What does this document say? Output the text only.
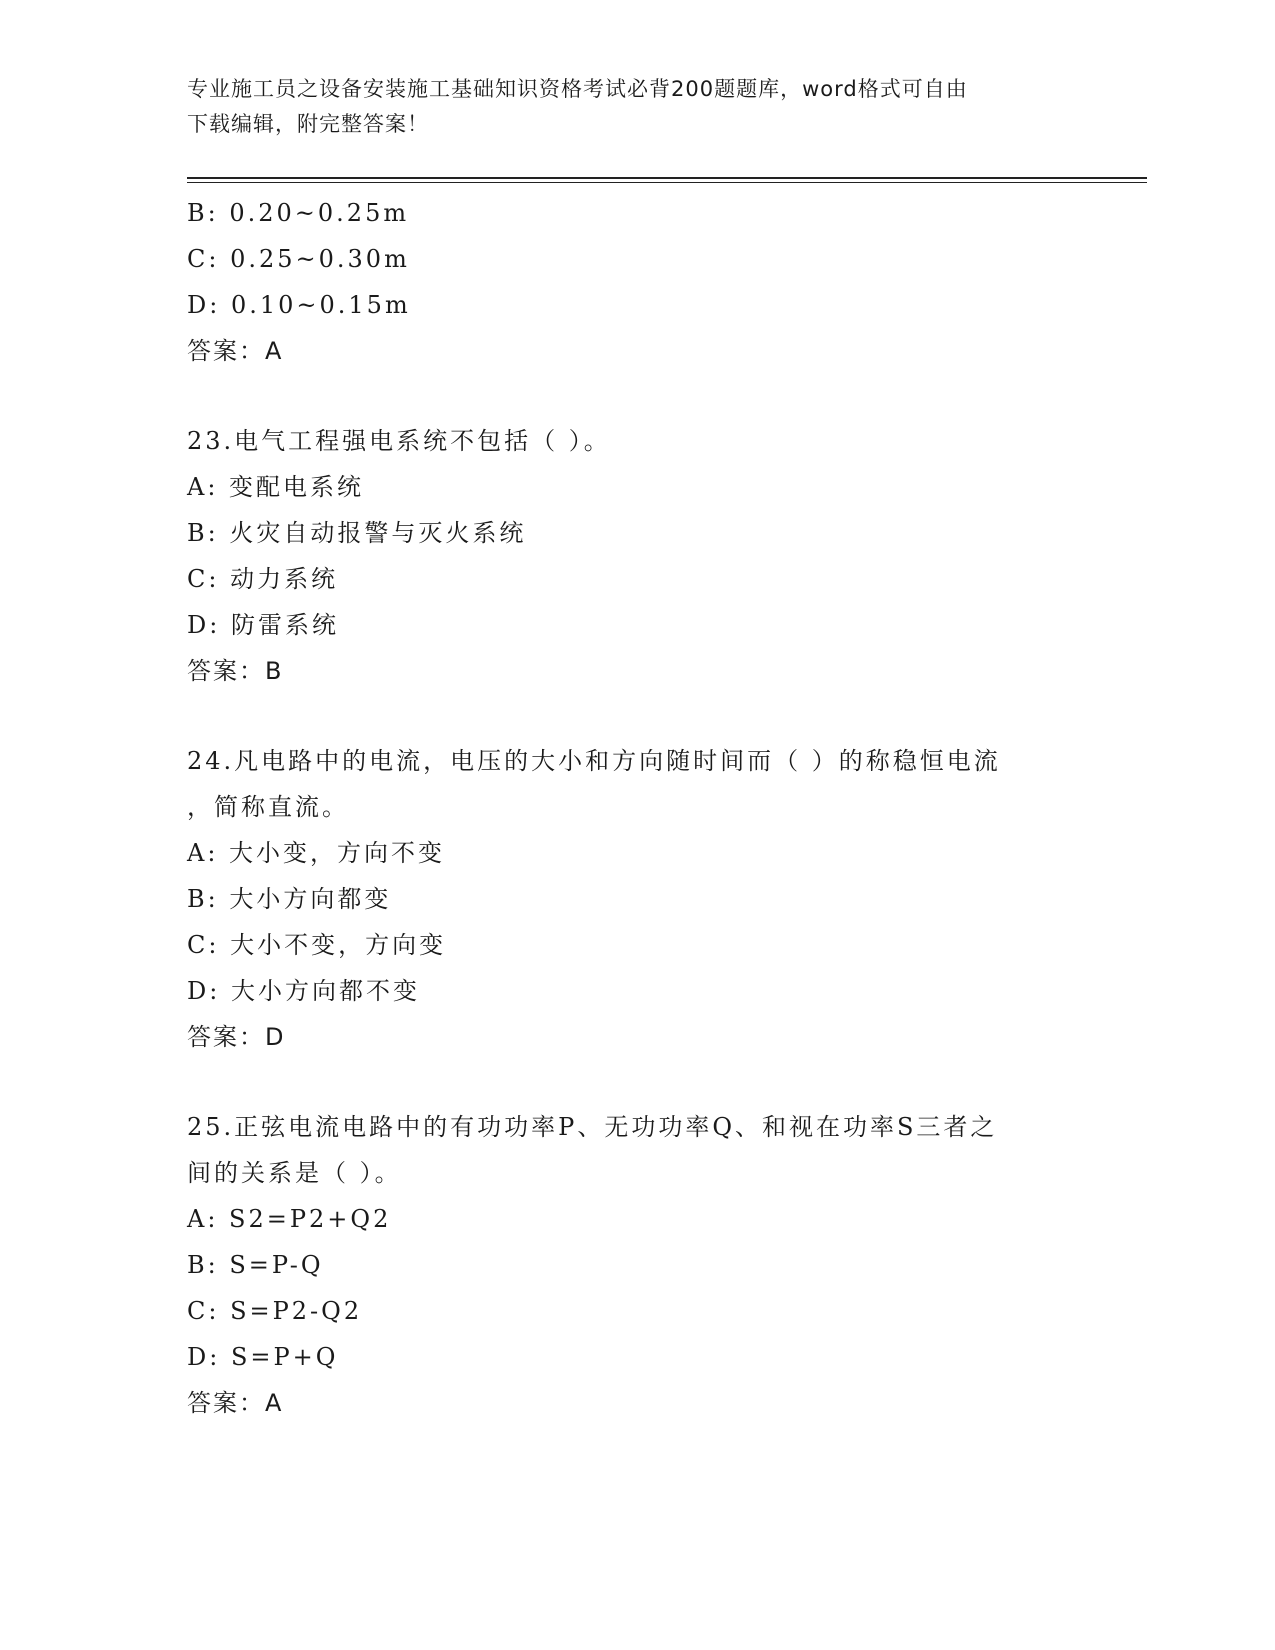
专业施工员之设备安装施工基础知识资格考试必背200题题库，word格式可自由
下载编辑，附完整答案！
B: 0.20~0.25m
C: 0.25~0.30m
D: 0.10~0.15m
答案：A
23.电气工程强电系统不包括（ ）。
A: 变配电系统
B: 火灾自动报警与灭火系统
C: 动力系统
D: 防雷系统
答案：B
24.凡电路中的电流，电压的大小和方向随时间而（ ）的称稳恒电流
，简称直流。
A: 大小变，方向不变
B: 大小方向都变
C: 大小不变，方向变
D: 大小方向都不变
答案：D
25.正弦电流电路中的有功功率P、无功功率Q、和视在功率S三者之
间的关系是（ ）。
A: S2=P2+Q2
B: S=P-Q
C: S=P2-Q2
D: S=P+Q
答案：A
